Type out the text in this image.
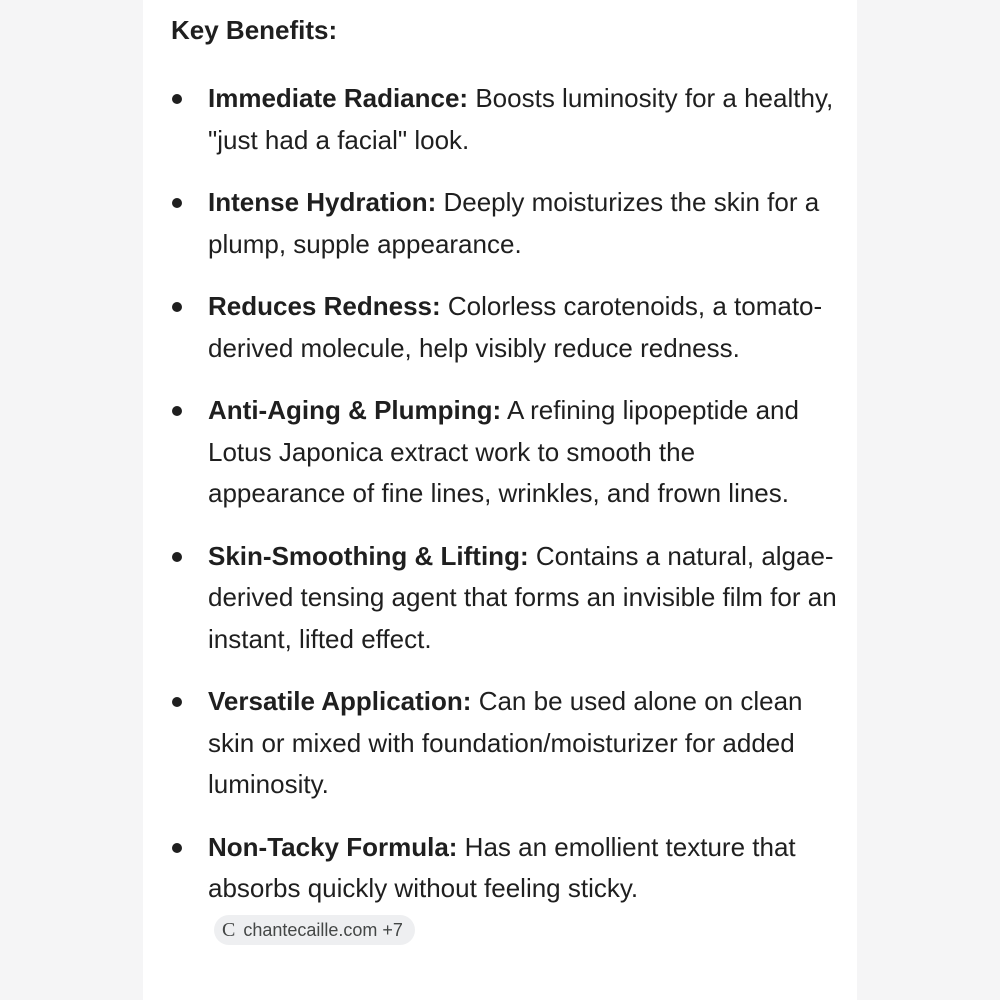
Key Benefits:
Immediate Radiance: Boosts luminosity for a healthy, "just had a facial" look.
Intense Hydration: Deeply moisturizes the skin for a plump, supple appearance.
Reduces Redness: Colorless carotenoids, a tomato-derived molecule, help visibly reduce redness.
Anti-Aging & Plumping: A refining lipopeptide and Lotus Japonica extract work to smooth the appearance of fine lines, wrinkles, and frown lines.
Skin-Smoothing & Lifting: Contains a natural, algae-derived tensing agent that forms an invisible film for an instant, lifted effect.
Versatile Application: Can be used alone on clean skin or mixed with foundation/moisturizer for added luminosity.
Non-Tacky Formula: Has an emollient texture that absorbs quickly without feeling sticky.
C chantecaille.com +7
